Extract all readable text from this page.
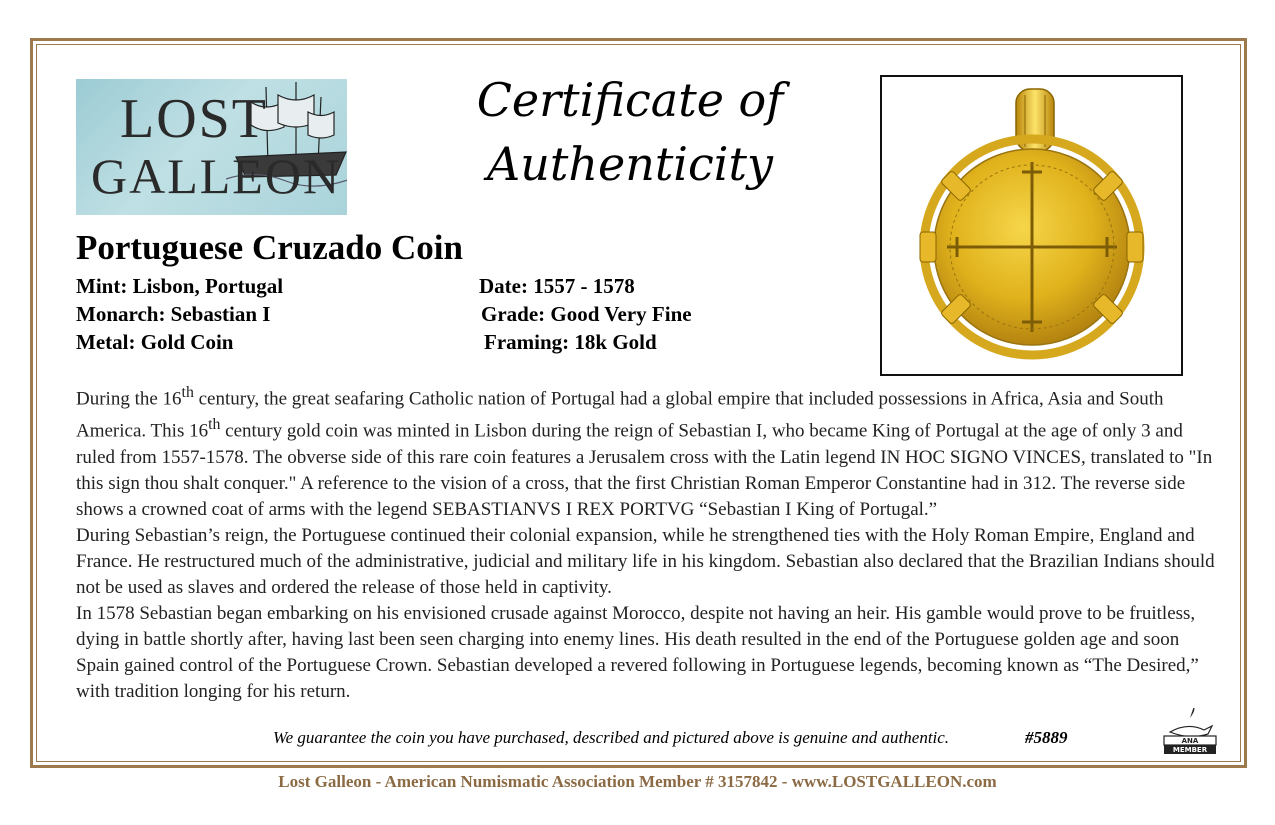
LOST
GALLEON
Certificate of
Authenticity
Portuguese Cruzado Coin
Mint: Lisbon, Portugal	Date: 1557 - 1578
Monarch: Sebastian I	Grade: Good Very Fine
Metal: Gold Coin	Framing: 18k Gold

During the 16th century, the great seafaring Catholic nation of Portugal had a global empire that included possessions in Africa, Asia and South America. This 16th century gold coin was minted in Lisbon during the reign of Sebastian I, who became King of Portugal at the age of only 3 and ruled from 1557-1578. The obverse side of this rare coin features a Jerusalem cross with the Latin legend IN HOC SIGNO VINCES, translated to "In this sign thou shalt conquer." A reference to the vision of a cross, that the first Christian Roman Emperor Constantine had in 312. The reverse side shows a crowned coat of arms with the legend SEBASTIANVS I REX PORTVG “Sebastian I King of Portugal.”

During Sebastian’s reign, the Portuguese continued their colonial expansion, while he strengthened ties with the Holy Roman Empire, England and France. He restructured much of the administrative, judicial and military life in his kingdom. Sebastian also declared that the Brazilian Indians should not be used as slaves and ordered the release of those held in captivity.

In 1578 Sebastian began embarking on his envisioned crusade against Morocco, despite not having an heir. His gamble would prove to be fruitless, dying in battle shortly after, having last been seen charging into enemy lines. His death resulted in the end of the Portuguese golden age and soon Spain gained control of the Portuguese Crown. Sebastian developed a revered following in Portuguese legends, becoming known as “The Desired,” with tradition longing for his return.

We guarantee the coin you have purchased, described and pictured above is genuine and authentic.	#5889	ANA
MEMBER
Lost Galleon - American Numismatic Association Member # 3157842 - www.LOSTGALLEON.com
